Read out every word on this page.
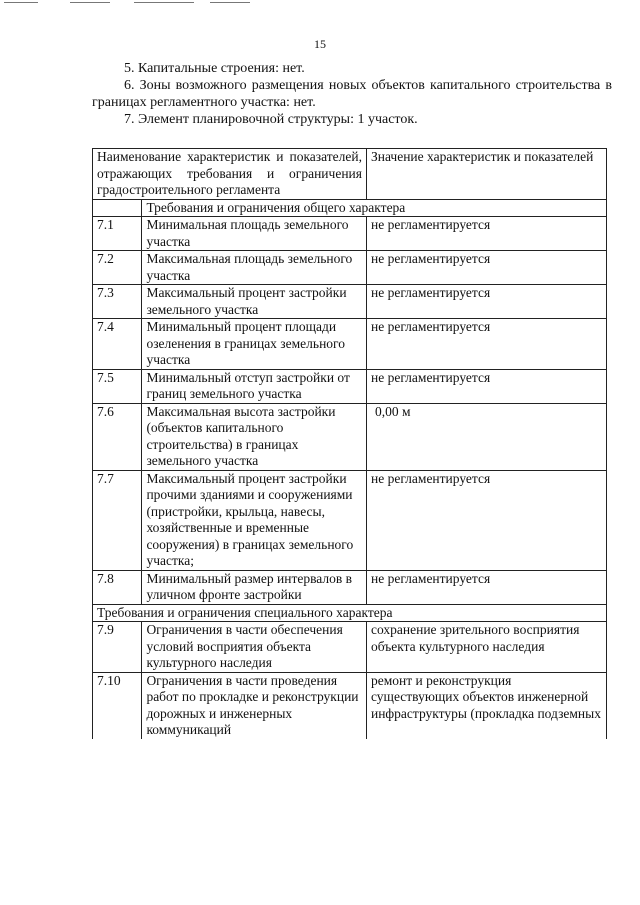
15

5. Капитальные строения: нет.

6. Зоны возможного размещения новых объектов капитального строительства в границах регламентного участка: нет.

7. Элемент планировочной структуры: 1 участок.

Наименование характеристик и показателей, отражающих требования и ограничения градостроительного регламента		Значение характеристик и показателей
	Требования и ограничения общего характера	
7.1	Минимальная площадь земельного участка	не регламентируется
7.2	Максимальная площадь земельного участка	не регламентируется
7.3	Максимальный процент застройки земельного участка	не регламентируется
7.4	Минимальный процент площади озеленения в границах земельного участка	не регламентируется
7.5	Минимальный отступ застройки от границ земельного участка	не регламентируется
7.6	Максимальная высота застройки (объектов капитального строительства) в границах земельного участка	0,00 м
7.7	Максимальный процент застройки прочими зданиями и сооружениями (пристройки, крыльца, навесы, хозяйственные и временные сооружения) в границах земельного участка;	не регламентируется
7.8	Минимальный размер интервалов в уличном фронте застройки	не регламентируется
Требования и ограничения специального характера		
7.9	Ограничения в части обеспечения условий восприятия объекта культурного наследия	сохранение зрительного восприятия объекта культурного наследия
7.10	Ограничения в части проведения работ по прокладке и реконструкции дорожных и инженерных коммуникаций	ремонт и реконструкция существующих объектов инженерной инфраструктуры (прокладка подземных
